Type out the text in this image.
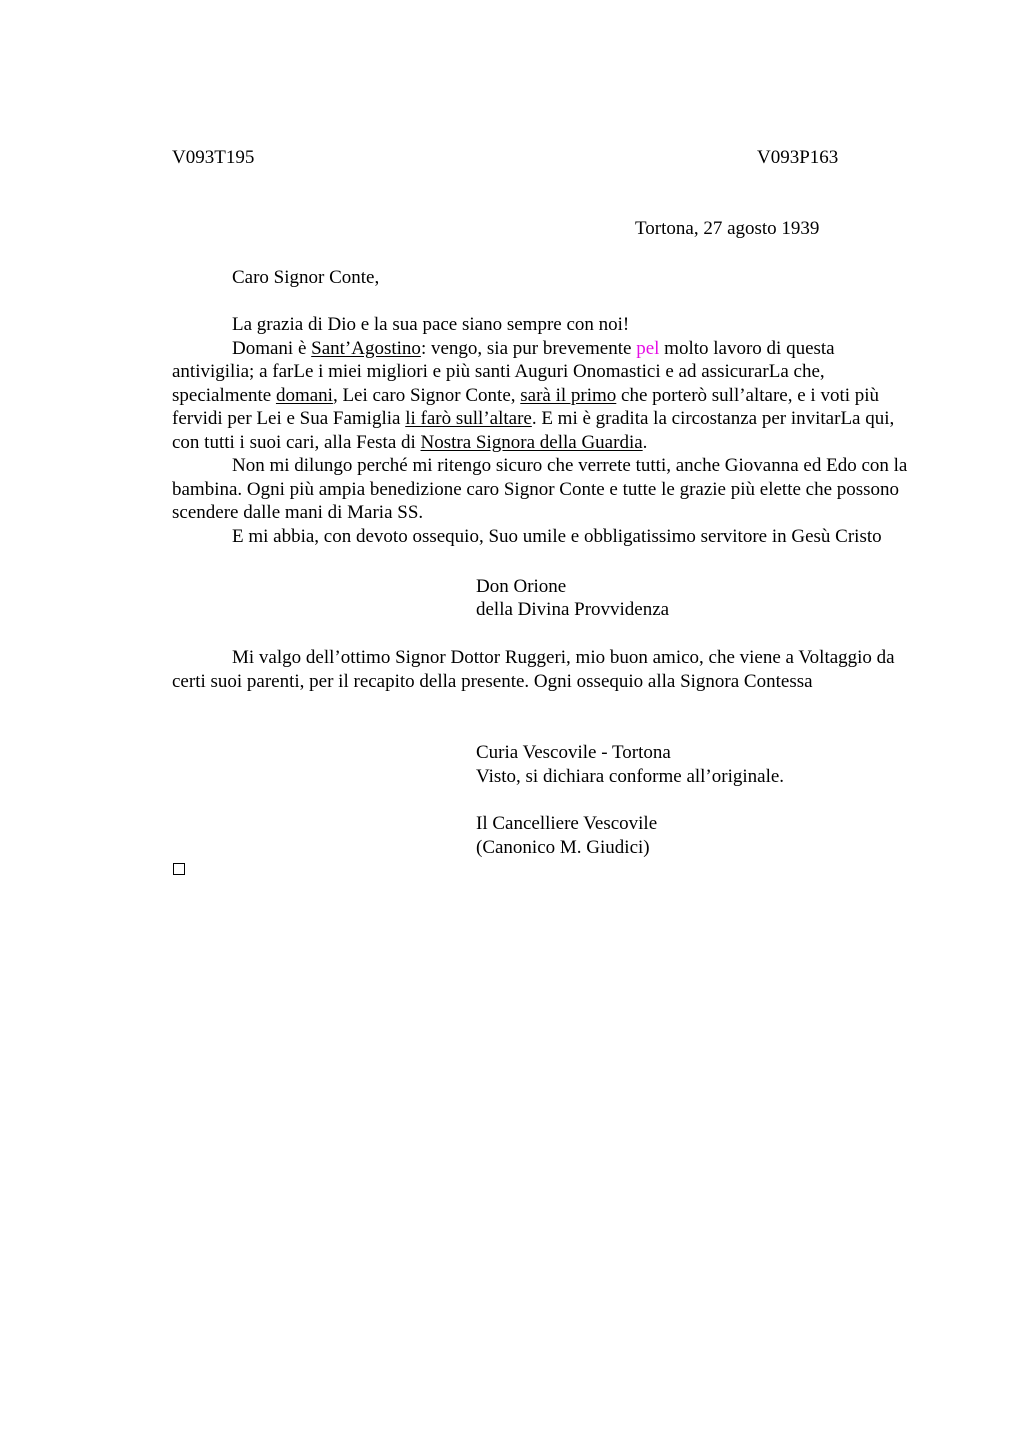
V093T195	V093P163
Tortona, 27 agosto 1939
Caro Signor Conte,

La grazia di Dio e la sua pace siano sempre con noi!

Domani è Sant’Agostino: vengo, sia pur brevemente pel molto lavoro di questa antivigilia; a farLe i miei migliori e più santi Auguri Onomastici e ad assicurarLa che, specialmente domani, Lei caro Signor Conte, sarà il primo che porterò sull’altare, e i voti più fervidi per Lei e Sua Famiglia li farò sull’altare. E mi è gradita la circostanza per invitarLa qui, con tutti i suoi cari, alla Festa di Nostra Signora della Guardia.

Non mi dilungo perché mi ritengo sicuro che verrete tutti, anche Giovanna ed Edo con la bambina. Ogni più ampia benedizione caro Signor Conte e tutte le grazie più elette che possono scendere dalle mani di Maria SS.

E mi abbia, con devoto ossequio, Suo umile e obbligatissimo servitore in Gesù Cristo

Don Orione
della Divina Provvidenza

Mi valgo dell’ottimo Signor Dottor Ruggeri, mio buon amico, che viene a Voltaggio da certi suoi parenti, per il recapito della presente. Ogni ossequio alla Signora Contessa

Curia Vescovile - Tortona
Visto, si dichiara conforme all’originale.
Il Cancelliere Vescovile
(Canonico M. Giudici)
